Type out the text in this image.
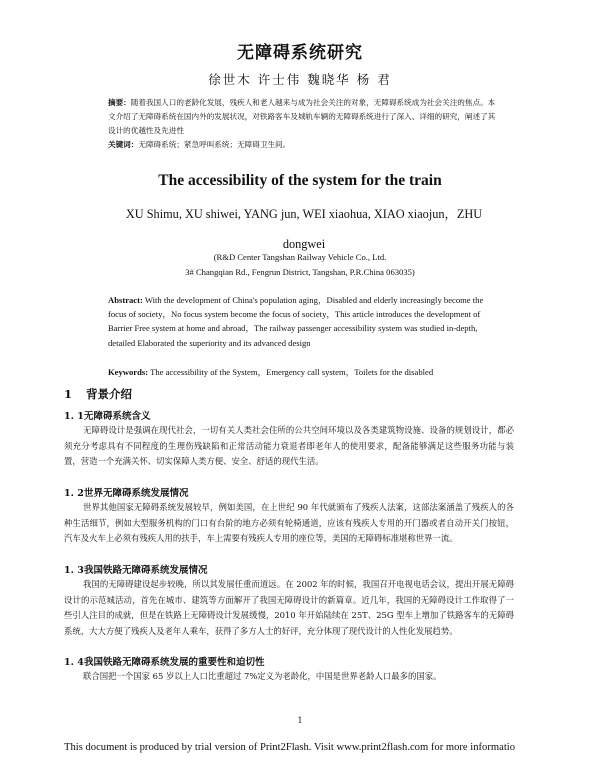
无障碍系统研究
徐世木 许士伟 魏晓华 杨 君
摘要：随着我国人口的老龄化发展，残疾人和老人越来与成为社会关注的对象，无障碍系统成为社会关注的焦点。本文介绍了无障碍系统在国内外的发展状况，对铁路客车及城轨车辆的无障碍系统进行了深入、详细的研究，阐述了其设计的优越性及先进性
关键词：无障碍系统；紧急呼叫系统；无障碍卫生间。
The accessibility of the system for the train
XU Shimu, XU shiwei, YANG jun, WEI xiaohua, XIAO xiaojun，ZHU dongwei
(R&D Center Tangshan Railway Vehicle Co., Ltd.
3# Changqian Rd., Fengrun District, Tangshan, P.R.China 063035)
Abstract: With the development of China's population aging，Disabled and elderly increasingly become the focus of society，No focus system become the focus of society，This article introduces the development of Barrier Free system at home and abroad，The railway passenger accessibility system was studied in-depth, detailed Elaborated the superiority and its advanced design
Keywords: The accessibility of the System，Emergency call system，Toilets for the disabled
1 背景介绍
1. 1无障碍系统含义
无障碍设计是强调在现代社会，一切有关人类社会住所的公共空间环境以及各类建筑物设施、设备的规划设计，都必须充分考虑具有不同程度的生理伤残缺陷和正常活动能力衰退者即老年人的使用要求，配备能够满足这些服务功能与装置，营造一个充满关怀、切实保障人类方便、安全、舒适的现代生活。
1. 2世界无障碍系统发展情况
世界其他国家无障碍系统发展较早，例如美国，在上世纪 90 年代就颁布了残疾人法案，这部法案涵盖了残疾人的各种生活细节，例如大型服务机构的门口有台阶的地方必须有轮椅通道，应该有残疾人专用的开门器或者自动开关门按钮，汽车及火车上必须有残疾人用的扶手，车上需要有残疾人专用的座位等，美国的无障碍标准堪称世界一流。
1. 3我国铁路无障碍系统发展情况
我国的无障碍建设起步较晚，所以其发展任重而道远。在 2002 年的时候，我国召开电视电话会议，提出开展无障碍设计的示范城活动，首先在城市、建筑等方面解开了我国无障碍设计的新篇章。近几年，我国的无障碍设计工作取得了一些引人注目的成就，但是在铁路上无障碍设计发展缓慢，2010 年开始陆续在 25T、25G 型车上增加了铁路客车的无障碍系统，大大方便了残疾人及老年人乘车，获得了多方人士的好评，充分体现了现代设计的人性化发展趋势。
1. 4我国铁路无障碍系统发展的重要性和迫切性
联合国把一个国家 65 岁以上人口比重超过 7%定义为老龄化，中国是世界老龄人口最多的国家。
1
This document is produced by trial version of Print2Flash. Visit www.print2flash.com for more informatio
